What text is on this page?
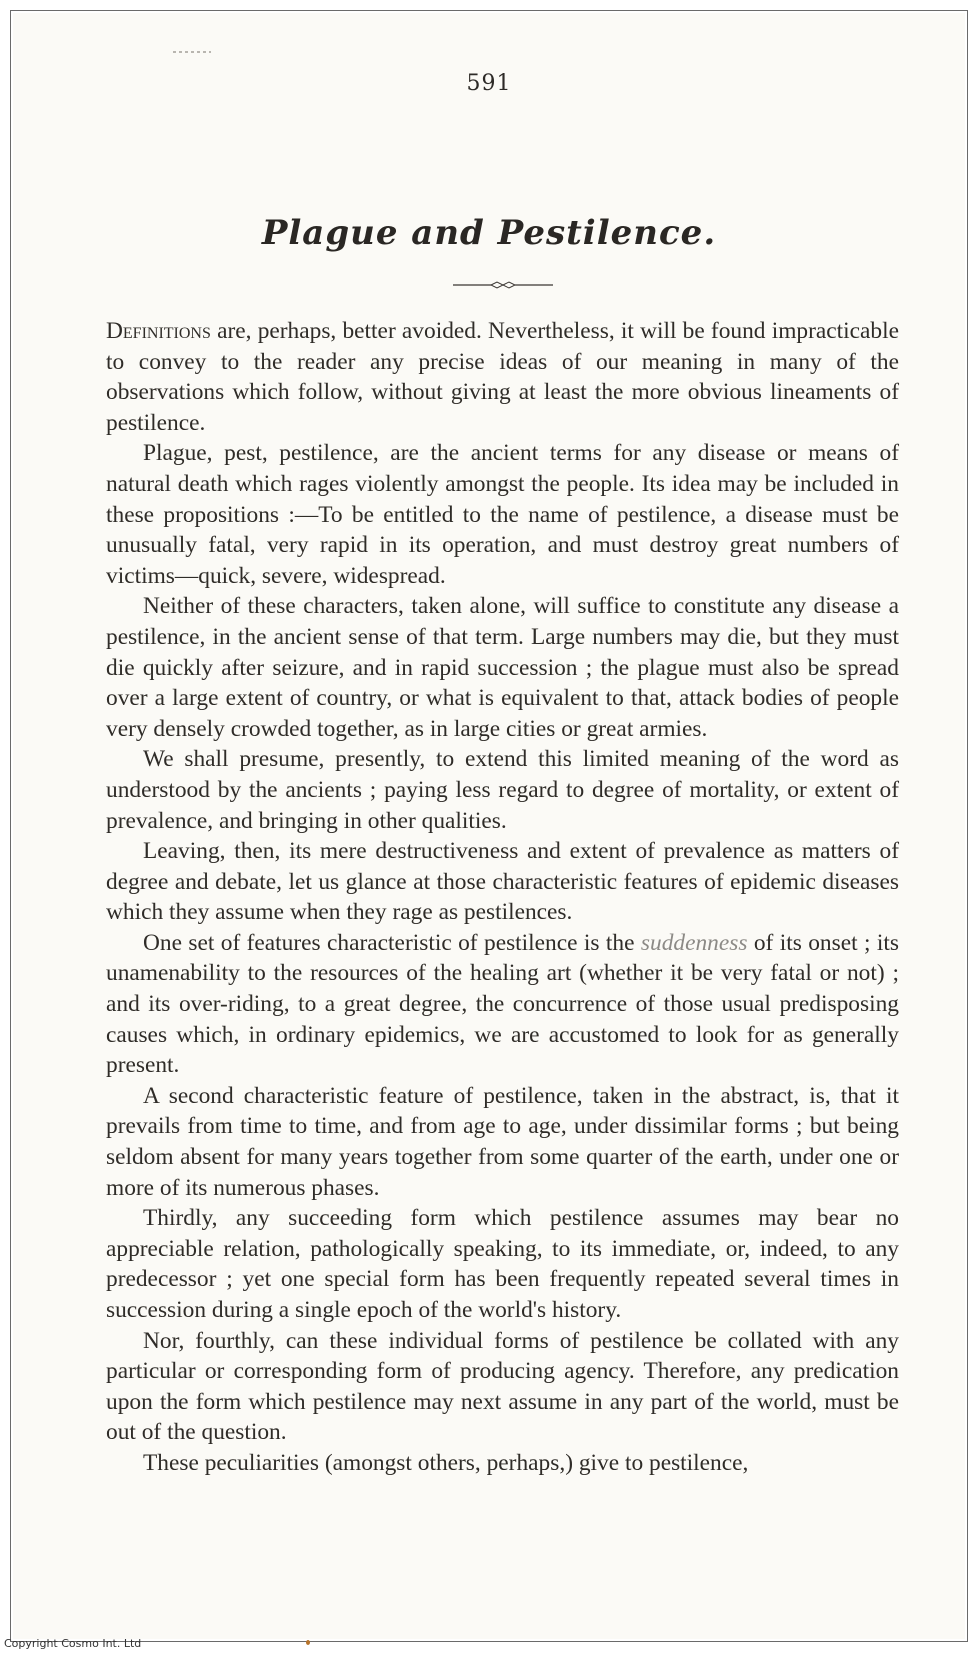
591
Plague and Pestilence.

Definitions are, perhaps, better avoided. Nevertheless, it will be found impracticable to convey to the reader any precise ideas of our meaning in many of the observations which follow, without giving at least the more obvious lineaments of pestilence.

Plague, pest, pestilence, are the ancient terms for any disease or means of natural death which rages violently amongst the people. Its idea may be included in these propositions :—To be entitled to the name of pestilence, a disease must be unusually fatal, very rapid in its operation, and must destroy great numbers of victims—quick, severe, widespread.

Neither of these characters, taken alone, will suffice to constitute any disease a pestilence, in the ancient sense of that term. Large numbers may die, but they must die quickly after seizure, and in rapid succession ; the plague must also be spread over a large extent of country, or what is equivalent to that, attack bodies of people very densely crowded together, as in large cities or great armies.

We shall presume, presently, to extend this limited meaning of the word as understood by the ancients ; paying less regard to degree of mortality, or extent of prevalence, and bringing in other qualities.

Leaving, then, its mere destructiveness and extent of prevalence as matters of degree and debate, let us glance at those characteristic features of epidemic diseases which they assume when they rage as pestilences.

One set of features characteristic of pestilence is the suddenness of its onset ; its unamenability to the resources of the healing art (whether it be very fatal or not) ; and its over-riding, to a great degree, the concurrence of those usual predisposing causes which, in ordinary epidemics, we are accustomed to look for as generally present.

A second characteristic feature of pestilence, taken in the abstract, is, that it prevails from time to time, and from age to age, under dissimilar forms ; but being seldom absent for many years together from some quarter of the earth, under one or more of its numerous phases.

Thirdly, any succeeding form which pestilence assumes may bear no appreciable relation, pathologically speaking, to its immediate, or, indeed, to any predecessor ; yet one special form has been frequently repeated several times in succession during a single epoch of the world's history.

Nor, fourthly, can these individual forms of pestilence be collated with any particular or corresponding form of producing agency. Therefore, any predication upon the form which pestilence may next assume in any part of the world, must be out of the question.

These peculiarities (amongst others, perhaps,) give to pestilence,

Copyright Cosmo Int. Ltd
